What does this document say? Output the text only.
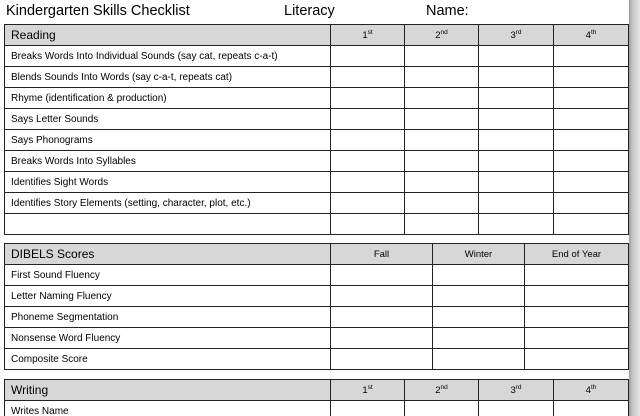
Kindergarten Skills Checklist	Literacy	Name:
Reading	1st	2nd	3rd	4th
Breaks Words Into Individual Sounds (say cat, repeats c-a-t)				
Blends Sounds Into Words (say c-a-t, repeats cat)				
Rhyme (identification & production)				
Says Letter Sounds				
Says Phonograms				
Breaks Words Into Syllables				
Identifies Sight Words				
Identifies Story Elements (setting, character, plot, etc.)				

DIBELS Scores	Fall	Winter	End of Year
First Sound Fluency			
Letter Naming Fluency			
Phoneme Segmentation			
Nonsense Word Fluency			
Composite Score			
Writing	1st	2nd	3rd	4th
Writes Name				
